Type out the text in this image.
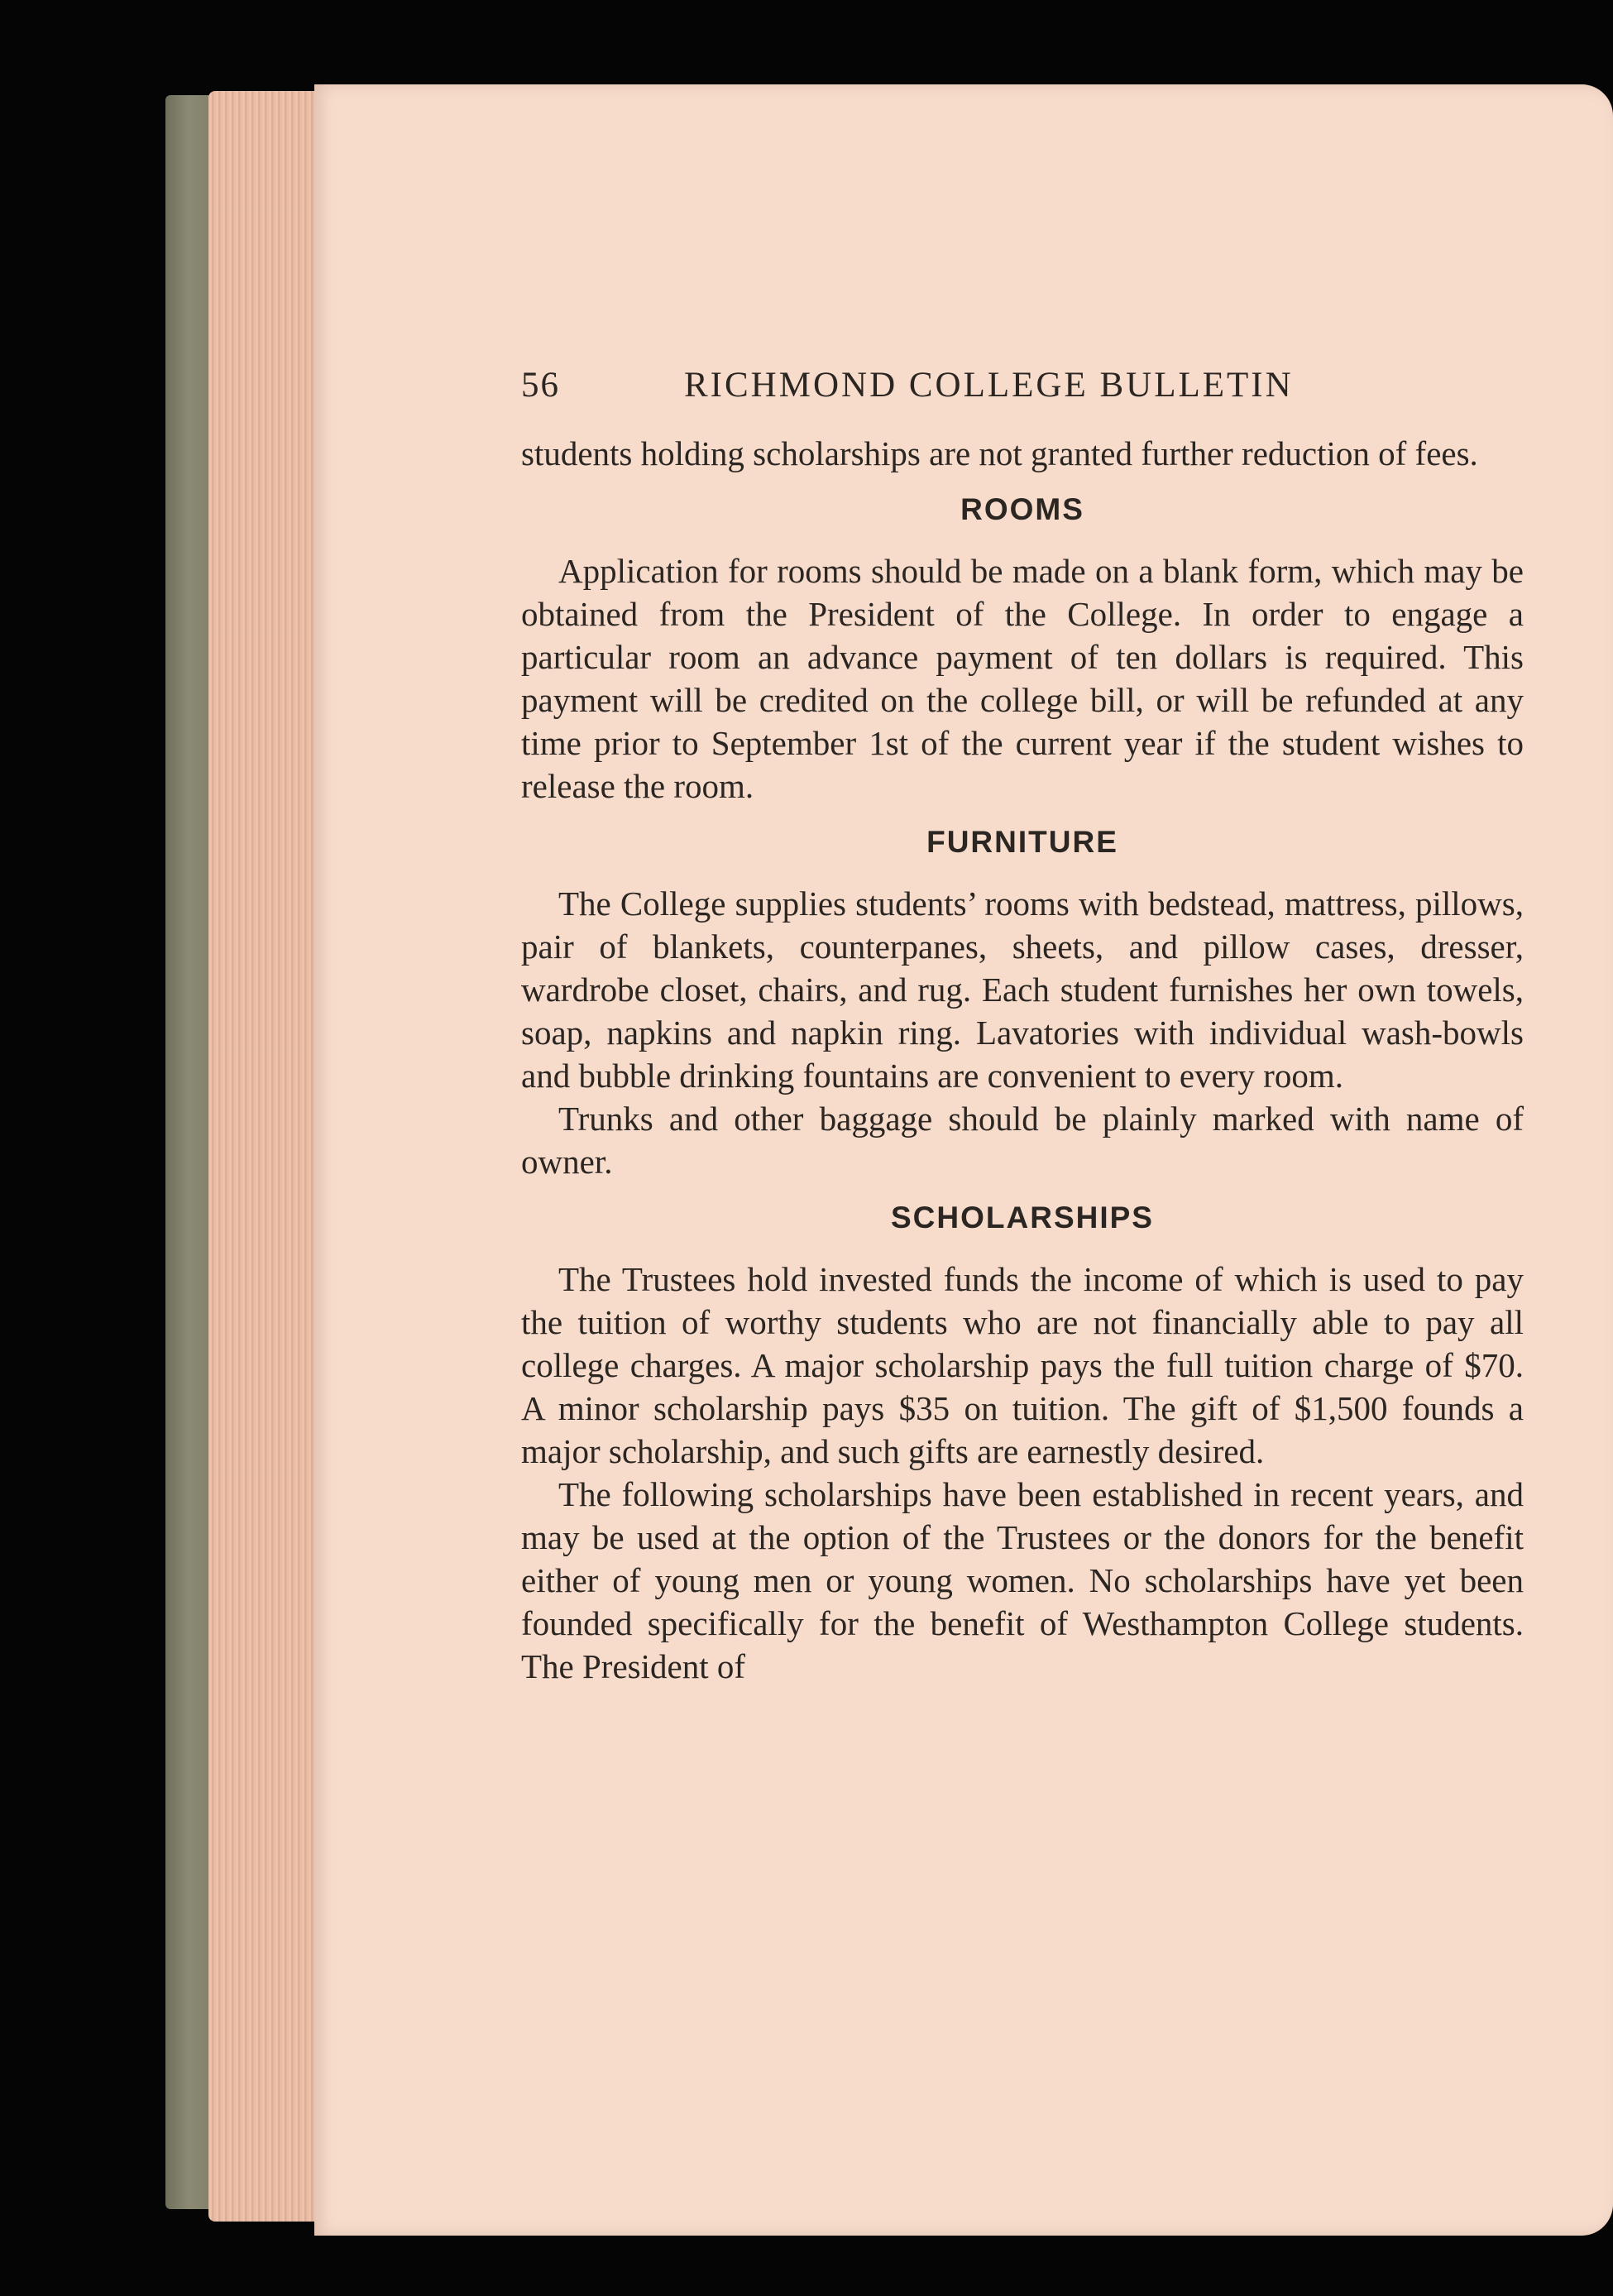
56	RICHMOND COLLEGE BULLETIN

students holding scholarships are not granted further reduction of fees.

ROOMS

Application for rooms should be made on a blank form, which may be obtained from the President of the College. In order to engage a particular room an advance payment of ten dollars is required. This payment will be credited on the college bill, or will be refunded at any time prior to September 1st of the current year if the student wishes to release the room.

FURNITURE

The College supplies students’ rooms with bedstead, mattress, pillows, pair of blankets, counterpanes, sheets, and pillow cases, dresser, wardrobe closet, chairs, and rug. Each student furnishes her own towels, soap, napkins and napkin ring. Lavatories with individual wash-bowls and bubble drinking fountains are convenient to every room.

Trunks and other baggage should be plainly marked with name of owner.

SCHOLARSHIPS

The Trustees hold invested funds the income of which is used to pay the tuition of worthy students who are not financially able to pay all college charges. A major scholarship pays the full tuition charge of $70. A minor scholarship pays $35 on tuition. The gift of $1,500 founds a major scholarship, and such gifts are earnestly desired.

The following scholarships have been established in recent years, and may be used at the option of the Trustees or the donors for the benefit either of young men or young women. No scholarships have yet been founded specifically for the benefit of Westhampton College students. The President of
